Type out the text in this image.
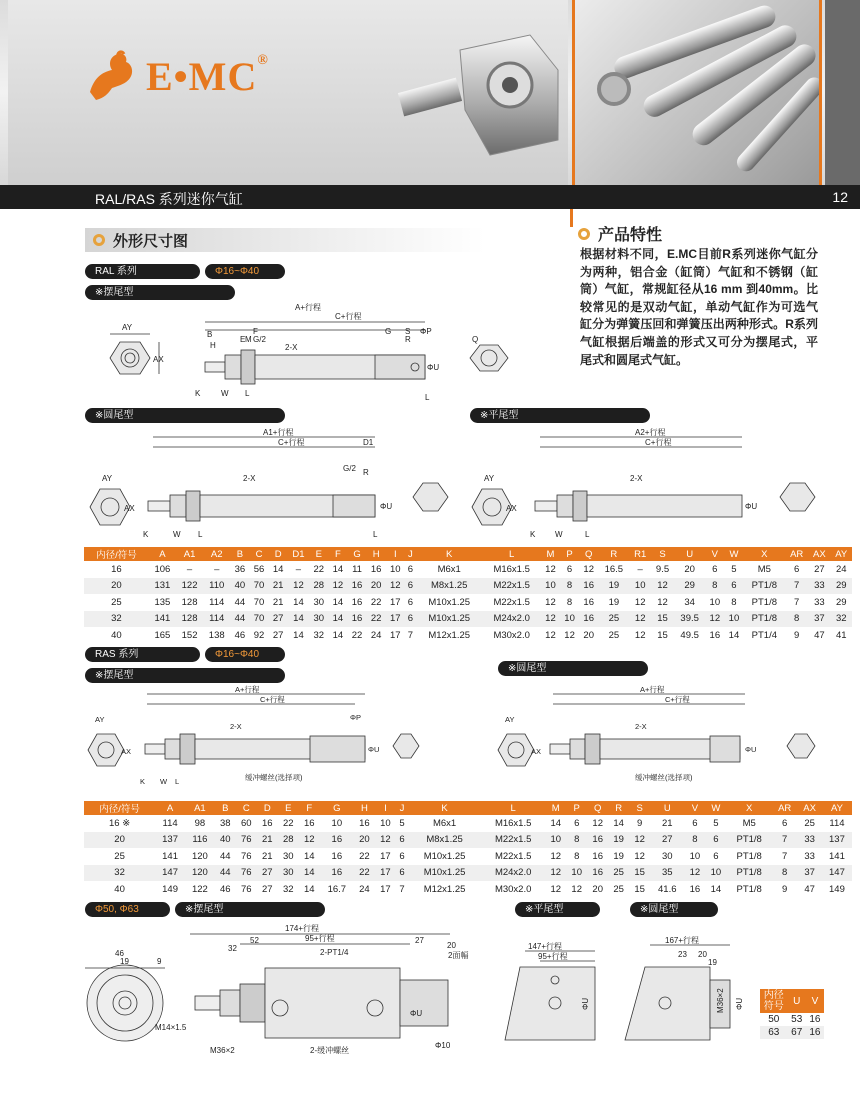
E•MC®
RAL/RAS 系列迷你气缸	12
外形尺寸图	产品特性
根据材料不同，E.MC目前R系列迷你气缸分为两种，铝合金（缸筒）气缸和不锈钢（缸筒）气缸，常规缸径从16 mm 到40mm。比较常见的是双动气缸，单动气缸作为可选气缸分为弹簧压回和弹簧压出两种形式。R系列气缸根据后端盖的形式又可分为摆尾式，平尾式和圆尾式气缸。
RAL 系列	Φ16~Φ40
※摆尾型
AY
AX
A+行程
C+行程
2-X
B
H
E
F
G/2
M
G S
R
ΦP
ΦU
K	W L	L
Q
※圆尾型	※平尾型
A1+行程
C+行程
2-X
AY
AX
D1
G/2 R
ΦU
K	W L	L
A2+行程
C+行程
2-X
AY
AX	ΦU
K W	L
内径/符号	A	A1	A2	B	C	D	D1	E	F	G	H	I	J	K	L	M	P	Q	R	R1	S	U	V	W	X	AR	AX	AY
16	106	–	–	36	56	14	–	22	14	11	16	10	6	M6x1	M16x1.5	12	6	12	16.5	–	9.5	20	6	5	M5	6	27	24
20	131	122	110	40	70	21	12	28	12	16	20	12	6	M8x1.25	M22x1.5	10	8	16	19	10	12	29	8	6	PT1/8	7	33	29
25	135	128	114	44	70	21	14	30	14	16	22	17	6	M10x1.25	M22x1.5	12	8	16	19	12	12	34	10	8	PT1/8	7	33	29
32	141	128	114	44	70	27	14	30	14	16	22	17	6	M10x1.25	M24x2.0	12	10	16	25	12	15	39.5	12	10	PT1/8	8	37	32
40	165	152	138	46	92	27	14	32	14	22	24	17	7	M12x1.25	M30x2.0	12	12	20	25	12	15	49.5	16	14	PT1/4	9	47	41
RAS 系列	Φ16~Φ40
※摆尾型
※圆尾型
A+行程
C+行程
2-X
缓冲螺丝(选择项)
AY
AX	ΦU
ΦP
K W L
A+行程
C+行程
2-X
缓冲螺丝(选择项)
AY
AX	ΦU
内径/符号	A	A1	B	C	D	E	F	G	H	I	J	K	L	M	P	Q	R	S	U	V	W	X	AR	AX	AY
16 ※	114	98	38	60	16	22	16	10	16	10	5	M6x1	M16x1.5	14	6	12	14	9	21	6	5	M5	6	25	114
20	137	116	40	76	21	28	12	16	20	12	6	M8x1.25	M22x1.5	10	8	16	19	12	27	8	6	PT1/8	7	33	137
25	141	120	44	76	21	30	14	16	22	17	6	M10x1.25	M22x1.5	12	8	16	19	12	30	10	6	PT1/8	7	33	141
32	147	120	44	76	27	30	14	16	22	17	6	M10x1.25	M24x2.0	12	10	16	25	15	35	12	10	PT1/8	8	37	147
40	149	122	46	76	27	32	14	16.7	24	17	7	M12x1.25	M30x2.0	12	12	20	25	15	41.6	16	14	PT1/8	9	47	149
Φ50, Φ63	※摆尾型	※平尾型	※圆尾型
174+行程
95+行程
2-PT1/4
M14×1.5
M36×2	2-缓冲螺丝
Φ10
2面幅
20
46
19	9
32
52	27
ΦU
147+行程
95+行程
ΦU
167+行程
23 20
19
M36×2 ΦU
内径
符号	U	V
50	53	16
63	67	16
